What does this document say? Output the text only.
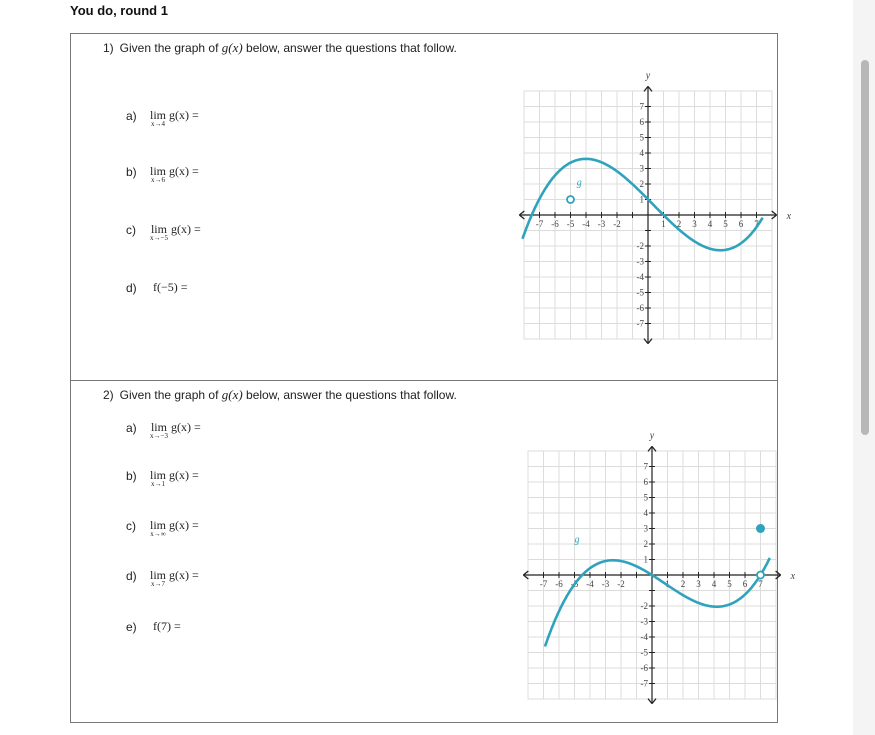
You do, round 1
1) Given the graph of g(x) below, answer the questions that follow.
a) lim
x→4
g(x) =
b) lim
x→6
g(x) =
c) lim
x→−5
g(x) =
d) f(−5) =
-7 -6 -5 -4 -3 -2	1 2 3 4 5 6 7
1
2
3
4
5
6
7
-2
-3
-4
-5
-6
-7
x
y
g
2) Given the graph of g(x) below, answer the questions that follow.
a) lim
x→−3
g(x) =
b) lim
x→1
g(x) =
c) lim
x→∞
g(x) =
d) lim
x→7
g(x) =
e) f(7) =
-7 -6 -5 -4 -3 -2	1 2 3 4 5 6 7
1
2
3
4
5
6
7
-2
-3
-4
-5
-6
-7
x
y
g
